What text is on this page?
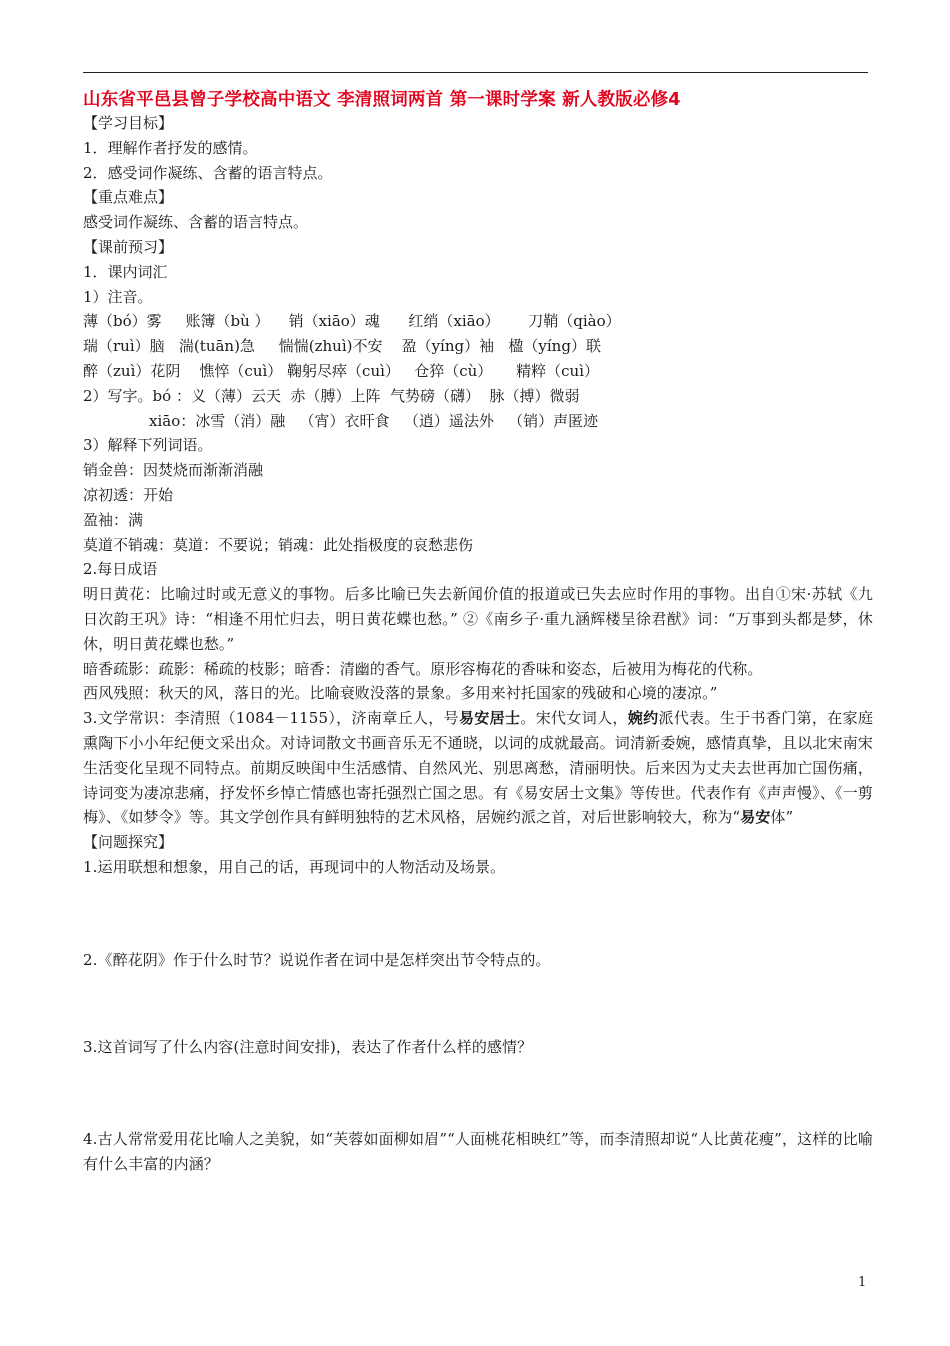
山东省平邑县曾子学校高中语文 李清照词两首 第一课时学案 新人教版必修4

【学习目标】

1．理解作者抒发的感情。

2．感受词作凝练、含蓄的语言特点。

【重点难点】

感受词作凝练、含蓄的语言特点。

【课前预习】

1．课内词汇

1）注音。

薄（bó）雾     账簿（bù ）    销（xiāo）魂      红绡（xiāo）      刀鞘（qiào）

瑞（ruì）脑   湍(tuān)急     惴惴(zhuì)不安    盈（yíng）袖   楹（yíng）联

醉（zuì）花阴    憔悴（cuì） 鞠躬尽瘁（cuì）   仓猝（cù）     精粹（cuì）

2）写字。bó ：义（薄）云天  赤（膊）上阵  气势磅（礴）  脉（搏）微弱

xiāo：冰雪（消）融   （宵）衣旰食   （逍）遥法外   （销）声匿迹

3）解释下列词语。

销金兽：因焚烧而渐渐消融

凉初透：开始

盈袖：满

莫道不销魂：莫道：不要说；销魂：此处指极度的哀愁悲伤

2.每日成语

明日黄花：比喻过时或无意义的事物。后多比喻已失去新闻价值的报道或已失去应时作用的事物。出自①宋·苏轼《九日次韵王巩》诗：“相逢不用忙归去，明日黄花蝶也愁。” ②《南乡子·重九涵辉楼呈徐君猷》词：“万事到头都是梦，休休，明日黄花蝶也愁。”

暗香疏影：疏影：稀疏的枝影；暗香：清幽的香气。原形容梅花的香味和姿态，后被用为梅花的代称。

西风残照：秋天的风，落日的光。比喻衰败没落的景象。多用来衬托国家的残破和心境的凄凉。”

3.文学常识：李清照（1084－1155），济南章丘人，号易安居士。宋代女词人，婉约派代表。生于书香门第，在家庭熏陶下小小年纪便文采出众。对诗词散文书画音乐无不通晓，以词的成就最高。词清新委婉，感情真挚，且以北宋南宋生活变化呈现不同特点。前期反映闺中生活感情、自然风光、别思离愁，清丽明快。后来因为丈夫去世再加亡国伤痛，诗词变为凄凉悲痛，抒发怀乡悼亡情感也寄托强烈亡国之思。有《易安居士文集》等传世。代表作有《声声慢》、《一剪梅》、《如梦令》等。其文学创作具有鲜明独特的艺术风格，居婉约派之首，对后世影响较大，称为“易安体”

【问题探究】

1.运用联想和想象，用自己的话，再现词中的人物活动及场景。

2.《醉花阴》作于什么时节？说说作者在词中是怎样突出节令特点的。

3.这首词写了什么内容(注意时间安排)，表达了作者什么样的感情？

4.古人常常爱用花比喻人之美貌，如“芙蓉如面柳如眉”“人面桃花相映红”等，而李清照却说“人比黄花瘦”，这样的比喻有什么丰富的内涵？

1
